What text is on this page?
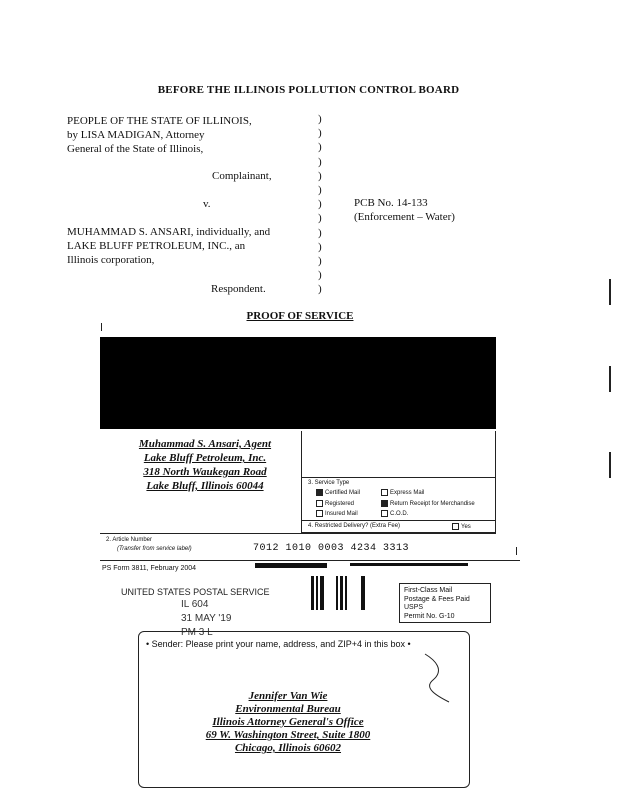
BEFORE THE ILLINOIS POLLUTION CONTROL BOARD
PEOPLE OF THE STATE OF ILLINOIS,
by LISA MADIGAN, Attorney
General of the State of Illinois,
Complainant,
v.
MUHAMMAD S. ANSARI, individually, and
LAKE BLUFF PETROLEUM, INC., an
Illinois corporation,
Respondent.
)
)
)
)
)
)
)
)
)
)
)
)
)
PCB No. 14-133
(Enforcement – Water)
PROOF OF SERVICE
Muhammad S. Ansari, Agent
Lake Bluff Petroleum, Inc.
318 North Waukegan Road
Lake Bluff, Illinois 60044	3. Service Type
Certified Mail	Express Mail
Registered	Return Receipt for Merchandise
Insured Mail	C.O.D.
4. Restricted Delivery? (Extra Fee)	Yes
2. Article Number
(Transfer from service label)	7012 1010 0003 4234 3313
PS Form 3811, February 2004
UNITED STATES POSTAL SERVICE
IL 604
31 MAY '19
PM 3 L
First-Class Mail
Postage & Fees Paid
USPS
Permit No. G-10
• Sender: Please print your name, address, and ZIP+4 in this box •
Jennifer Van Wie
Environmental Bureau
Illinois Attorney General's Office
69 W. Washington Street, Suite 1800
Chicago, Illinois 60602
